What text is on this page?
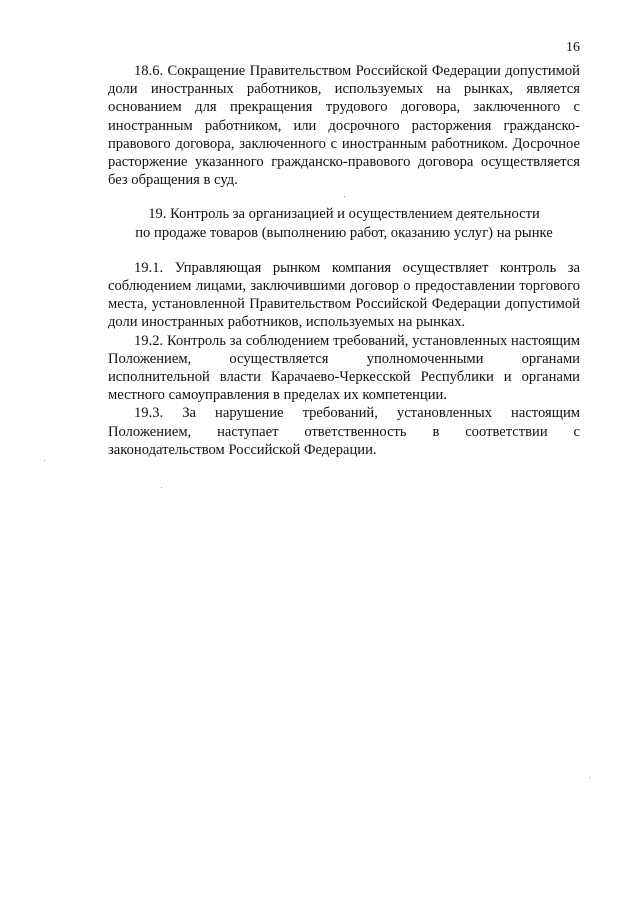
16

18.6. Сокращение Правительством Российской Федерации допустимой доли иностранных работников, используемых на рынках, является основанием для прекращения трудового договора, заключенного с иностранным работником, или досрочного расторжения гражданско-правового договора, заключенного с иностранным работником. Досрочное расторжение указанного гражданско-правового договора осуществляется без обращения в суд.

19. Контроль за организацией и осуществлением деятельности
по продаже товаров (выполнению работ, оказанию услуг) на рынке

19.1. Управляющая рынком компания осуществляет контроль за соблюдением лицами, заключившими договор о предоставлении торгового места, установленной Правительством Российской Федерации допустимой доли иностранных работников, используемых на рынках.

19.2. Контроль за соблюдением требований, установленных настоящим Положением, осуществляется уполномоченными органами исполнительной власти Карачаево-Черкесской Республики и органами местного самоуправления в пределах их компетенции.

19.3. За нарушение требований, установленных настоящим Положением, наступает ответственность в соответствии с законодательством Российской Федерации.
